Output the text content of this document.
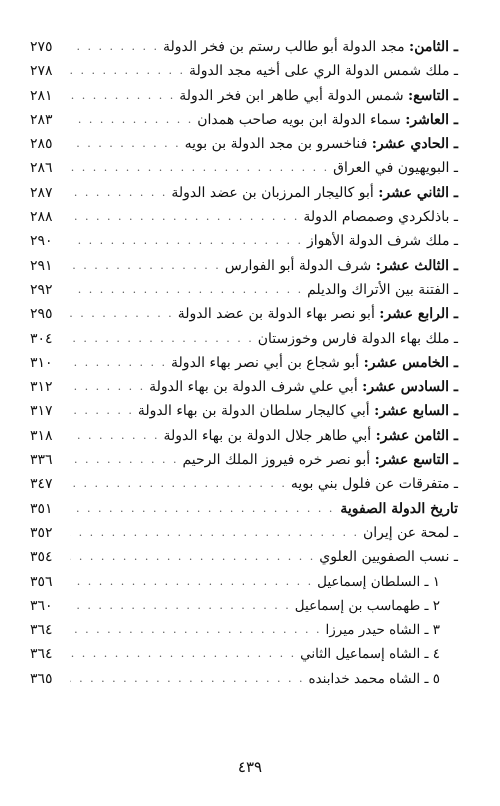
ـ الثامن: مجد الدولة أبو طالب رستم بن فخر الدولة
. . .
٢٧٥
ـ ملك شمس الدولة الري على أخيه مجد الدولة
. . .
٢٧٨
ـ التاسع: شمس الدولة أبي طاهر ابن فخر الدولة
. . .
٢٨١
ـ العاشر: سماء الدولة ابن بويه صاحب همدان
. . .
٢٨٣
ـ الحادي عشر: فناخسرو بن مجد الدولة بن بويه
. . .
٢٨٥
ـ البويهيون في العراق
. . .
٢٨٦
ـ الثاني عشر: أبو كاليجار المرزبان بن عضد الدولة
. . .
٢٨٧
ـ باذلكردي وصمصام الدولة
. . .
٢٨٨
ـ ملك شرف الدولة الأهواز
. . .
٢٩٠
ـ الثالث عشر: شرف الدولة أبو الفوارس
. . .
٢٩١
ـ الفتنة بين الأتراك والديلم
. . .
٢٩٢
ـ الرابع عشر: أبو نصر بهاء الدولة بن عضد الدولة
. . .
٢٩٥
ـ ملك بهاء الدولة فارس وخوزستان
. . .
٣٠٤
ـ الخامس عشر: أبو شجاع بن أبي نصر بهاء الدولة
. . .
٣١٠
ـ السادس عشر: أبي علي شرف الدولة بن بهاء الدولة
. . .
٣١٢
ـ السابع عشر: أبي كاليجار سلطان الدولة بن بهاء الدولة
. . .
٣١٧
ـ الثامن عشر: أبي طاهر جلال الدولة بن بهاء الدولة
. . .
٣١٨
ـ التاسع عشر: أبو نصر خره فيروز الملك الرحيم
. . .
٣٣٦
ـ متفرقات عن فلول بني بويه
. . .
٣٤٧
تاريخ الدولة الصفوية
. . .
٣٥١
ـ لمحة عن إيران
. . .
٣٥٢
ـ نسب الصفويين العلوي
. . .
٣٥٤
١ ـ السلطان إسماعيل
. . .
٣٥٦
٢ ـ طهماسب بن إسماعيل
. . .
٣٦٠
٣ ـ الشاه حيدر ميرزا
. . .
٣٦٤
٤ ـ الشاه إسماعيل الثاني
. . .
٣٦٤
٥ ـ الشاه محمد خدابنده
. . .
٣٦٥
٤٣٩
